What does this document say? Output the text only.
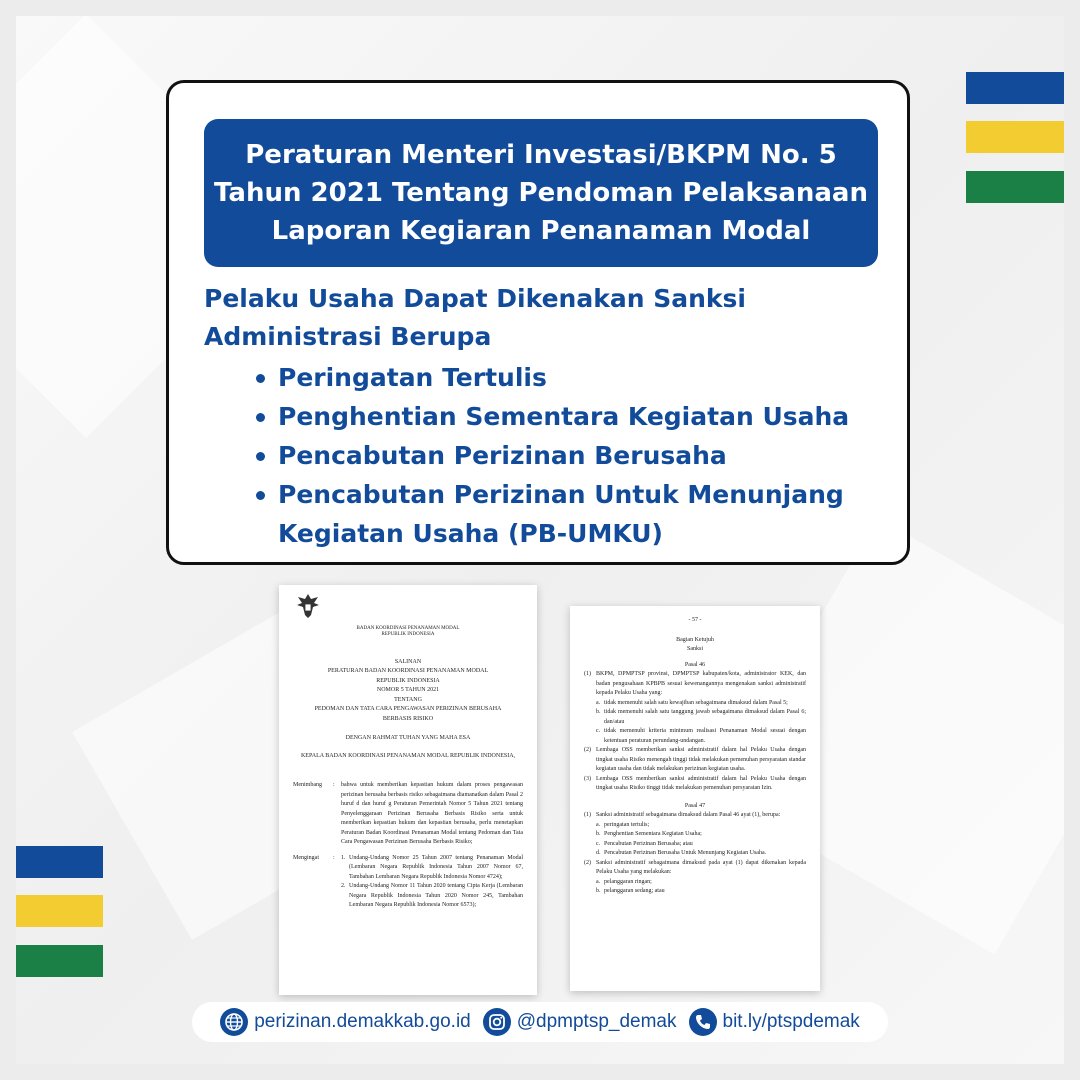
Peraturan Menteri Investasi/BKPM No. 5
Tahun 2021 Tentang Pendoman Pelaksanaan
Laporan Kegiaran Penanaman Modal
Pelaku Usaha Dapat Dikenakan Sanksi
Administrasi Berupa
Peringatan Tertulis
Penghentian Sementara Kegiatan Usaha
Pencabutan Perizinan Berusaha
Pencabutan Perizinan Untuk Menunjang Kegiatan Usaha (PB-UMKU)
BADAN KOORDINASI PENANAMAN MODAL
REPUBLIK INDONESIA
SALINAN
PERATURAN BADAN KOORDINASI PENANAMAN MODAL
REPUBLIK INDONESIA
NOMOR 5 TAHUN 2021
TENTANG
PEDOMAN DAN TATA CARA PENGAWASAN PERIZINAN BERUSAHA
BERBASIS RISIKO
DENGAN RAHMAT TUHAN YANG MAHA ESA
KEPALA BADAN KOORDINASI PENANAMAN MODAL REPUBLIK INDONESIA,
Menimbang	:	bahwa untuk memberikan kepastian hukum dalam proses pengawasan perizinan berusaha berbasis risiko sebagaimana diamanatkan dalam Pasal 2 huruf d dan huruf g Peraturan Pemerintah Nomor 5 Tahun 2021 tentang Penyelenggaraan Perizinan Berusaha Berbasis Risiko serta untuk memberikan kepastian hukum dan kepastian berusaha, perlu menetapkan Peraturan Badan Koordinasi Penanaman Modal tentang Pedoman dan Tata Cara Pengawasan Perizinan Berusaha Berbasis Risiko;
Mengingat	:	1. Undang-Undang Nomor 25 Tahun 2007 tentang Penanaman Modal (Lembaran Negara Republik Indonesia Tahun 2007 Nomor 67, Tambahan Lembaran Negara Republik Indonesia Nomor 4724);
2. Undang-Undang Nomor 11 Tahun 2020 tentang Cipta Kerja (Lembaran Negara Republik Indonesia Tahun 2020 Nomor 245, Tambahan Lembaran Negara Republik Indonesia Nomor 6573);
- 57 -
Bagian Ketujuh
Sanksi
Pasal 46
(1) BKPM, DPMPTSP provinsi, DPMPTSP kabupaten/kota, administrator KEK, dan badan pengusahaan KPBPB sesuai kewenangannya mengenakan sanksi administratif kepada Pelaku Usaha yang:
a. tidak memenuhi salah satu kewajiban sebagaimana dimaksud dalam Pasal 5;
b. tidak memenuhi salah satu tanggung jawab sebagaimana dimaksud dalam Pasal 6; dan/atau
c. tidak memenuhi kriteria minimum realisasi Penanaman Modal sesuai dengan ketentuan peraturan perundang-undangan.
(2) Lembaga OSS memberikan sanksi administratif dalam hal Pelaku Usaha dengan tingkat usaha Risiko menengah tinggi tidak melakukan pemenuhan persyaratan standar kegiatan usaha dan tidak melakukan perizinan kegiatan usaha.
(3) Lembaga OSS memberikan sanksi administratif dalam hal Pelaku Usaha dengan tingkat usaha Risiko tinggi tidak melakukan pemenuhan persyaratan Izin.
Pasal 47
(1) Sanksi administratif sebagaimana dimaksud dalam Pasal 46 ayat (1), berupa:
a. peringatan tertulis;
b. Penghentian Sementara Kegiatan Usaha;
c. Pencabutan Perizinan Berusaha; atau
d. Pencabutan Perizinan Berusaha Untuk Menunjang Kegiatan Usaha.
(2) Sanksi administratif sebagaimana dimaksud pada ayat (1) dapat dikenakan kepada Pelaku Usaha yang melakukan:
a. pelanggaran ringan;
b. pelanggaran sedang; atau
perizinan.demakkab.go.id @dpmptsp_demak bit.ly/ptspdemak
